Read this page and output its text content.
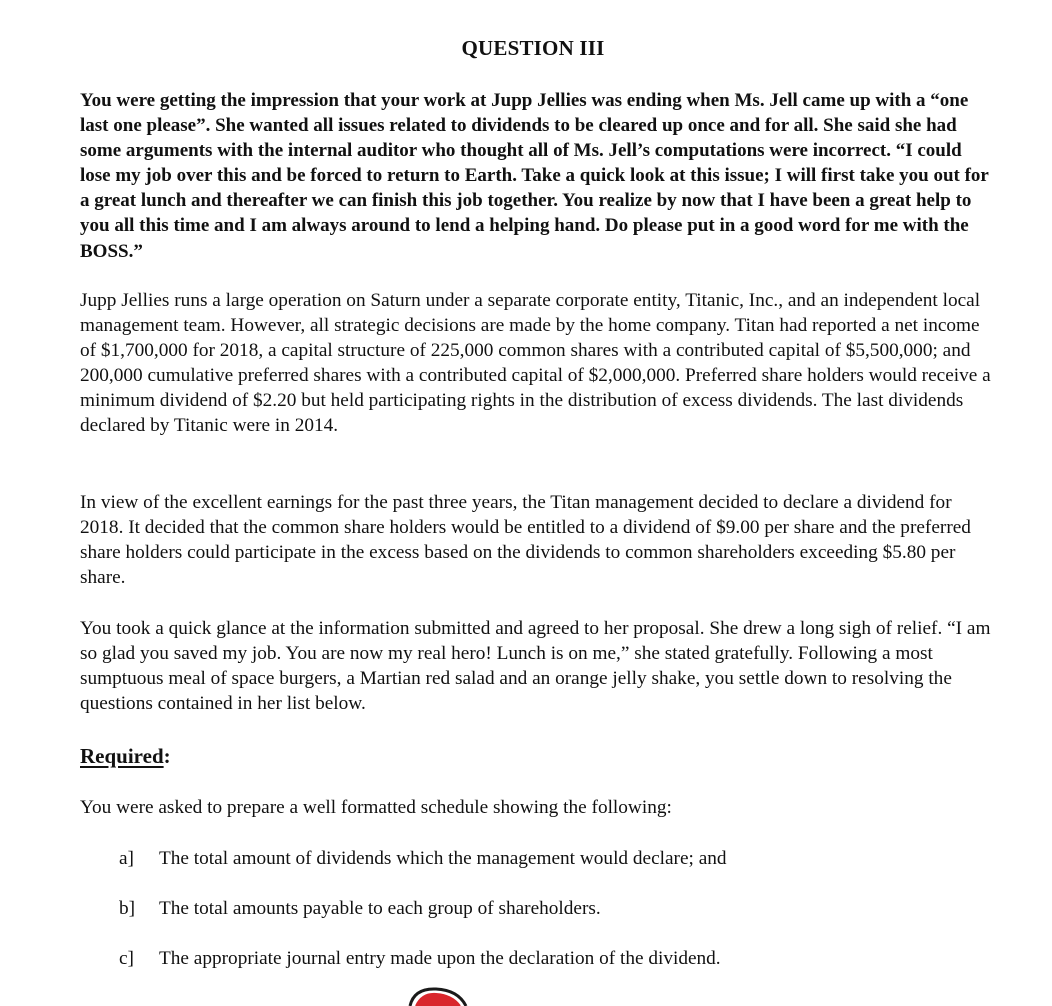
QUESTION III

You were getting the impression that your work at Jupp Jellies was ending when Ms. Jell came up with a “one last one please”. She wanted all issues related to dividends to be cleared up once and for all. She said she had some arguments with the internal auditor who thought all of Ms. Jell’s computations were incorrect. “I could lose my job over this and be forced to return to Earth. Take a quick look at this issue; I will first take you out for a great lunch and thereafter we can finish this job together. You realize by now that I have been a great help to you all this time and I am always around to lend a helping hand. Do please put in a good word for me with the BOSS.”

Jupp Jellies runs a large operation on Saturn under a separate corporate entity, Titanic, Inc., and an independent local management team. However, all strategic decisions are made by the home company. Titan had reported a net income of $1,700,000 for 2018, a capital structure of 225,000 common shares with a contributed capital of $5,500,000; and 200,000 cumulative preferred shares with a contributed capital of $2,000,000. Preferred share holders would receive a minimum dividend of $2.20 but held participating rights in the distribution of excess dividends. The last dividends declared by Titanic were in 2014.

In view of the excellent earnings for the past three years, the Titan management decided to declare a dividend for 2018. It decided that the common share holders would be entitled to a dividend of $9.00 per share and the preferred share holders could participate in the excess based on the dividends to common shareholders exceeding $5.80 per share.

You took a quick glance at the information submitted and agreed to her proposal. She drew a long sigh of relief. “I am so glad you saved my job. You are now my real hero! Lunch is on me,” she stated gratefully. Following a most sumptuous meal of space burgers, a Martian red salad and an orange jelly shake, you settle down to resolving the questions contained in her list below.

Required:
You were asked to prepare a well formatted schedule showing the following:
a] The total amount of dividends which the management would declare; and
b] The total amounts payable to each group of shareholders.
c] The appropriate journal entry made upon the declaration of the dividend.
